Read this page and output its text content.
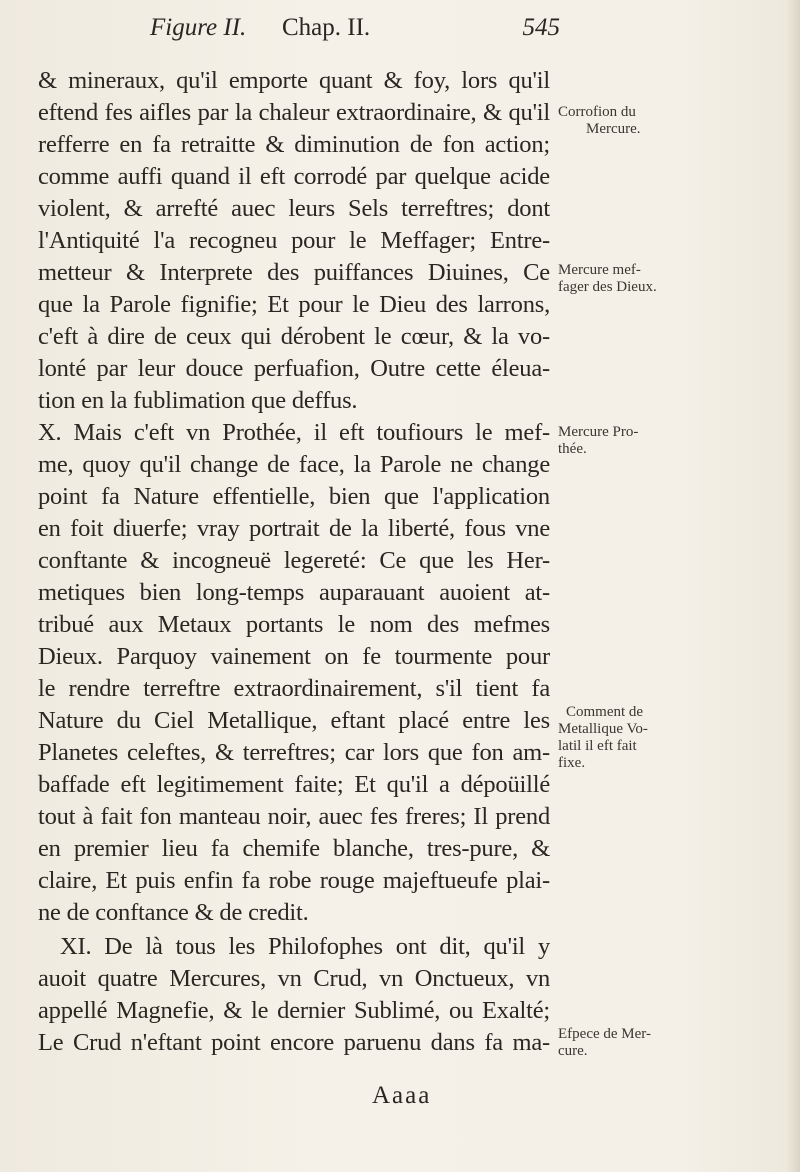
Figure II. Chap. II.	545
& mineraux, qu'il emporte quant & foy, lors qu'il
eftend fes aifles par la chaleur extraordinaire, & qu'il
refferre en fa retraitte & diminution de fon action;
comme auffi quand il eft corrodé par quelque acide
violent, & arrefté auec leurs Sels terreftres; dont
l'Antiquité l'a recogneu pour le Meffager; Entre-
metteur & Interprete des puiffances Diuines, Ce
que la Parole fignifie; Et pour le Dieu des larrons,
c'eft à dire de ceux qui dérobent le cœur, & la vo-
lonté par leur douce perfuafion, Outre cette éleua-
tion en la fublimation que deffus.
X. Mais c'eft vn Prothée, il eft toufiours le mef-
me, quoy qu'il change de face, la Parole ne change
point fa Nature effentielle, bien que l'application
en foit diuerfe; vray portrait de la liberté, fous vne
conftante & incogneuë legereté: Ce que les Her-
metiques bien long-temps auparauant auoient at-
tribué aux Metaux portants le nom des mefmes
Dieux. Parquoy vainement on fe tourmente pour
le rendre terreftre extraordinairement, s'il tient fa
Nature du Ciel Metallique, eftant placé entre les
Planetes celeftes, & terreftres; car lors que fon am-
baffade eft legitimement faite; Et qu'il a dépoüillé
tout à fait fon manteau noir, auec fes freres; Il prend
en premier lieu fa chemife blanche, tres-pure, &
claire, Et puis enfin fa robe rouge majeftueufe plai-
ne de conftance & de credit.
XI. De là tous les Philofophes ont dit, qu'il y
auoit quatre Mercures, vn Crud, vn Onctueux, vn
appellé Magnefie, & le dernier Sublimé, ou Exalté;
Le Crud n'eftant point encore paruenu dans fa ma-
Corrofion du
Mercure.
Mercure mef-
fager des Dieux.
Mercure Pro-
thée.
Comment de
Metallique Vo-
latil il eft fait
fixe.
Efpece de Mer-
cure.
Aaaa
